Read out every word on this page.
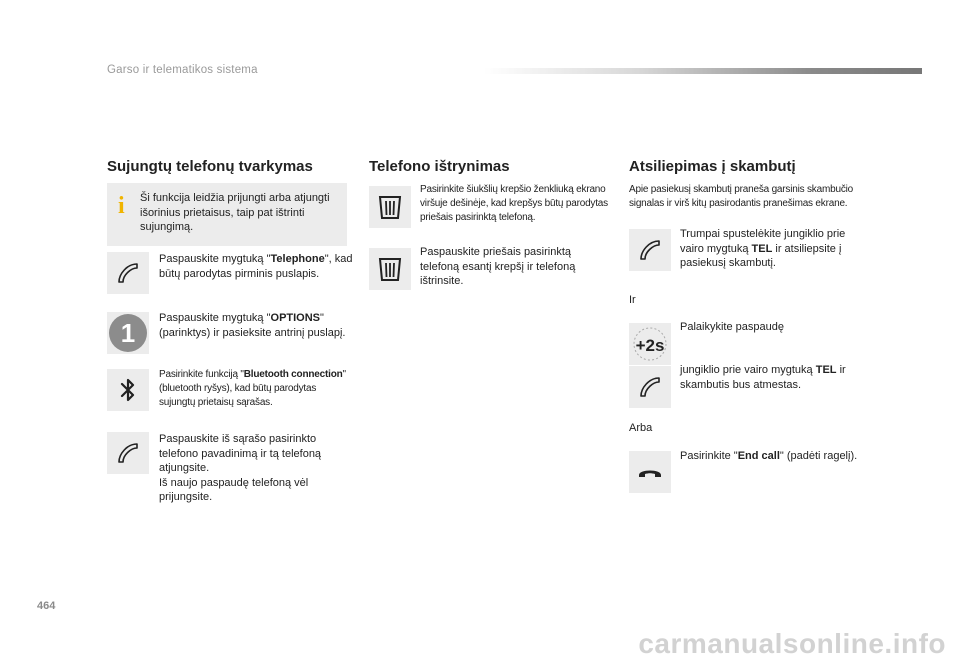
Garso ir telematikos sistema
Sujungtų telefonų tvarkymas
i Ši funkcija leidžia prijungti arba atjungti išorinius prietaisus, taip pat ištrinti sujungimą.
Paspauskite mygtuką "Telephone", kad būtų parodytas pirminis puslapis.
1	Paspauskite mygtuką "OPTIONS" (parinktys) ir pasieksite antrinį puslapį.
Pasirinkite funkciją "Bluetooth connection" (bluetooth ryšys), kad būtų parodytas sujungtų prietaisų sąrašas.
Paspauskite iš sąrašo pasirinkto telefono pavadinimą ir tą telefoną atjungsite.
Iš naujo paspaudę telefoną vėl prijungsite.
Telefono ištrynimas
Pasirinkite šiukšlių krepšio ženkliuką ekrano viršuje dešinėje, kad krepšys būtų parodytas priešais pasirinktą telefoną.
Paspauskite priešais pasirinktą telefoną esantį krepšį ir telefoną ištrinsite.
Atsiliepimas į skambutį
Apie pasiekusį skambutį praneša garsinis skambučio signalas ir virš kitų pasirodantis pranešimas ekrane.
Trumpai spustelėkite jungiklio prie vairo mygtuką TEL ir atsiliepsite į pasiekusį skambutį.
Ir
+2s
Palaikykite paspaudę
jungiklio prie vairo mygtuką TEL ir skambutis bus atmestas.
Arba
Pasirinkite "End call" (padėti ragelį).
464
carmanualsonline.info
